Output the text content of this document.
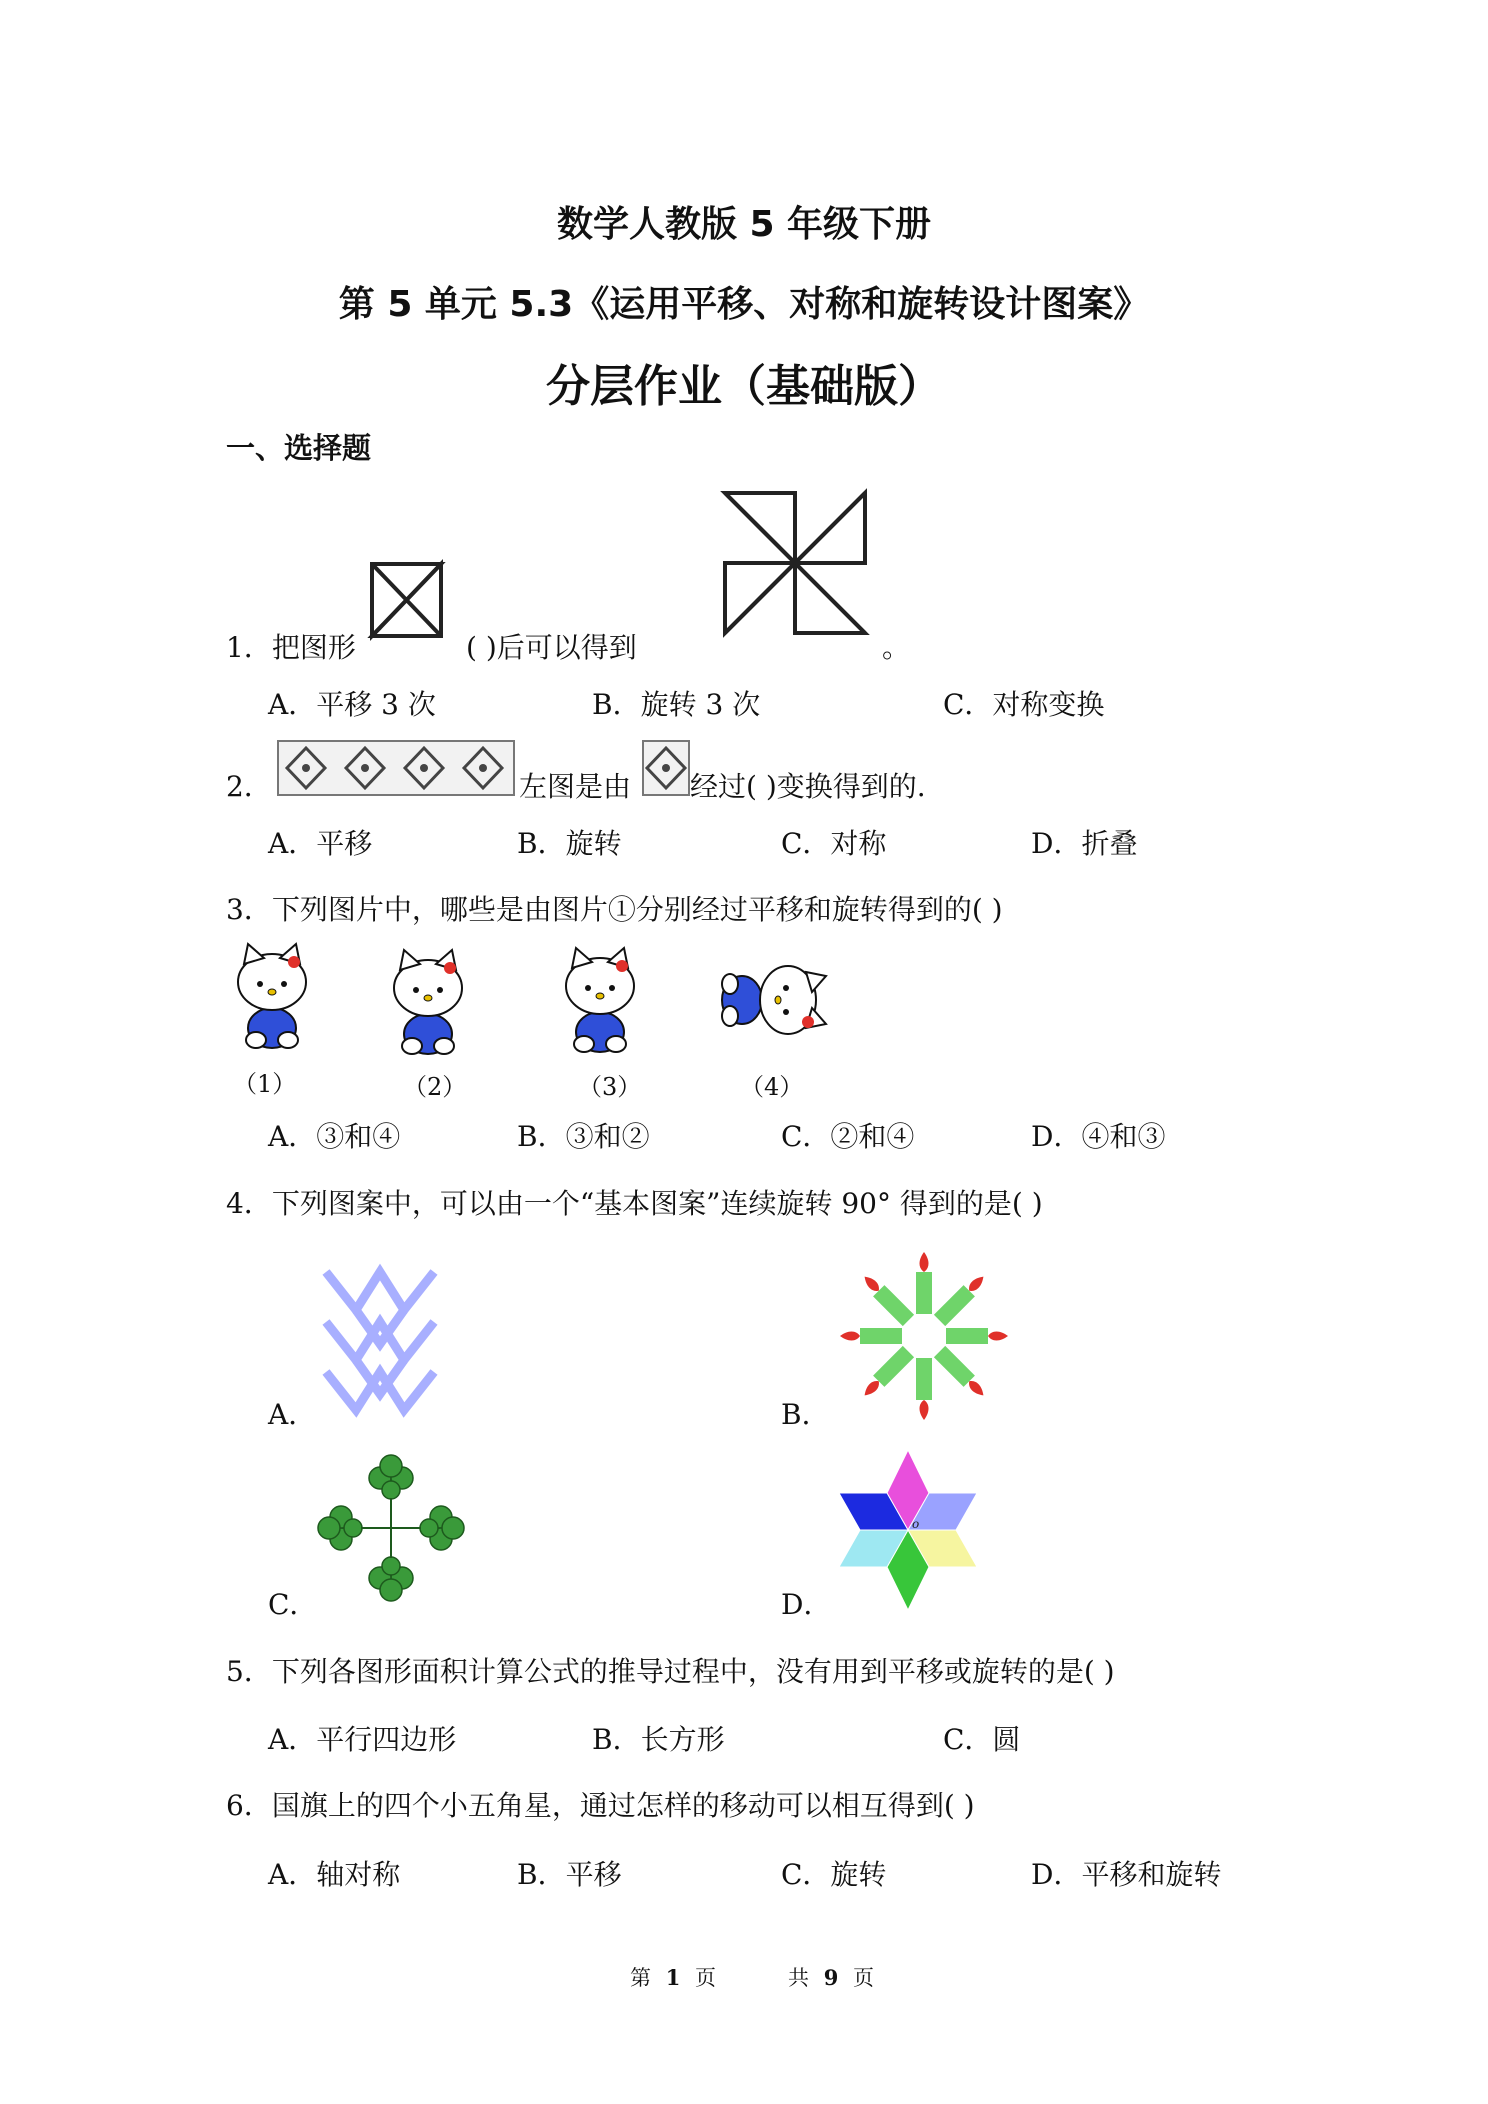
数学人教版 5 年级下册
第 5 单元 5.3《运用平移、对称和旋转设计图案》
分层作业（基础版）
一、选择题
1．把图形	( )后可以得到	。
A．平移 3 次	B．旋转 3 次	C．对称变换
2．	左图是由 经过( )变换得到的.
A．平移	B．旋转	C．对称	D．折叠
3．下列图片中，哪些是由图片①分别经过平移和旋转得到的( )
（1）	（2）	（3）	（4）
A．③和④	B．③和②	C．②和④	D．④和③
4．下列图案中，可以由一个“基本图案”连续旋转 90° 得到的是( )
A．	B．
C．
o
D．
5．下列各图形面积计算公式的推导过程中，没有用到平移或旋转的是( )
A．平行四边形	B．长方形	C．圆
6．国旗上的四个小五角星，通过怎样的移动可以相互得到( )
A．轴对称	B．平移	C．旋转	D．平移和旋转
第 1 页	共 9 页
